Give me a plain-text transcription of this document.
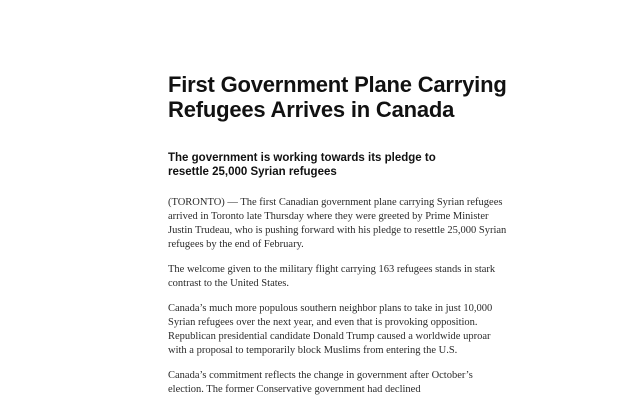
First Government Plane Carrying Refugees Arrives in Canada

The government is working towards its pledge to resettle 25,000 Syrian refugees

(TORONTO) — The first Canadian government plane carrying Syrian refugees arrived in Toronto late Thursday where they were greeted by Prime Minister Justin Trudeau, who is pushing forward with his pledge to resettle 25,000 Syrian refugees by the end of February.

The welcome given to the military flight carrying 163 refugees stands in stark contrast to the United States.

Canada’s much more populous southern neighbor plans to take in just 10,000 Syrian refugees over the next year, and even that is provoking opposition. Republican presidential candidate Donald Trump caused a worldwide uproar with a proposal to temporarily block Muslims from entering the U.S.

Canada’s commitment reflects the change in government after October’s election. The former Conservative government had declined
